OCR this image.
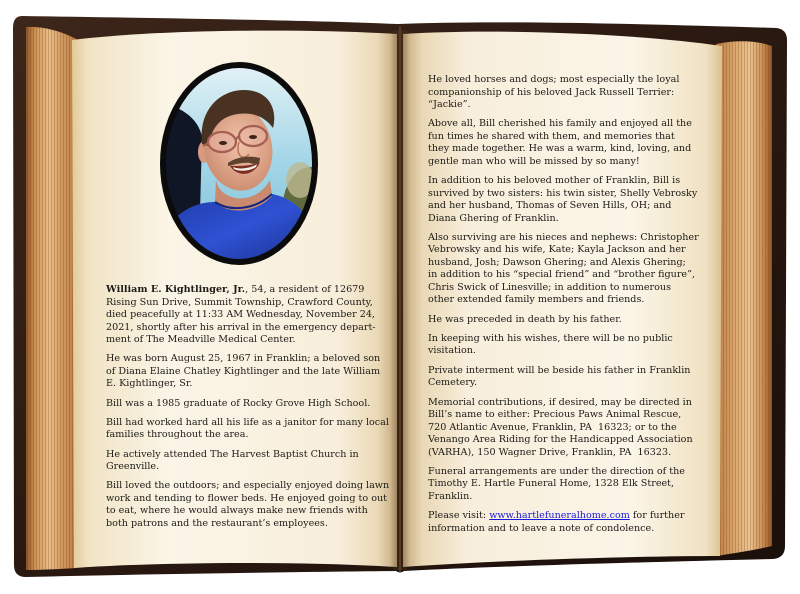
William E. Kightlinger, Jr., 54, a resident of 12679
Rising Sun Drive, Summit Township, Crawford County,
died peacefully at 11:33 AM Wednesday, November 24,
2021, shortly after his arrival in the emergency depart-
ment of The Meadville Medical Center.

He was born August 25, 1967 in Franklin; a beloved son
of Diana Elaine Chatley Kightlinger and the late William
E. Kightlinger, Sr.

Bill was a 1985 graduate of Rocky Grove High School.

Bill had worked hard all his life as a janitor for many local
families throughout the area.

He actively attended The Harvest Baptist Church in
Greenville.

Bill loved the outdoors; and especially enjoyed doing lawn
work and tending to flower beds. He enjoyed going to out
to eat, where he would always make new friends with
both patrons and the restaurant’s employees.

He loved horses and dogs; most especially the loyal
companionship of his beloved Jack Russell Terrier:
“Jackie”.

Above all, Bill cherished his family and enjoyed all the
fun times he shared with them, and memories that
they made together. He was a warm, kind, loving, and
gentle man who will be missed by so many!

In addition to his beloved mother of Franklin, Bill is
survived by two sisters: his twin sister, Shelly Vebrosky
and her husband, Thomas of Seven Hills, OH; and
Diana Ghering of Franklin.

Also surviving are his nieces and nephews: Christopher
Vebrowsky and his wife, Kate; Kayla Jackson and her
husband, Josh; Dawson Ghering; and Alexis Ghering;
in addition to his “special friend” and “brother figure”,
Chris Swick of Linesville; in addition to numerous
other extended family members and friends.

He was preceded in death by his father.

In keeping with his wishes, there will be no public
visitation.

Private interment will be beside his father in Franklin
Cemetery.

Memorial contributions, if desired, may be directed in
Bill’s name to either: Precious Paws Animal Rescue,
720 Atlantic Avenue, Franklin, PA  16323; or to the
Venango Area Riding for the Handicapped Association
(VARHA), 150 Wagner Drive, Franklin, PA  16323.

Funeral arrangements are under the direction of the
Timothy E. Hartle Funeral Home, 1328 Elk Street,
Franklin.

Please visit: www.hartlefuneralhome.com for further
information and to leave a note of condolence.
